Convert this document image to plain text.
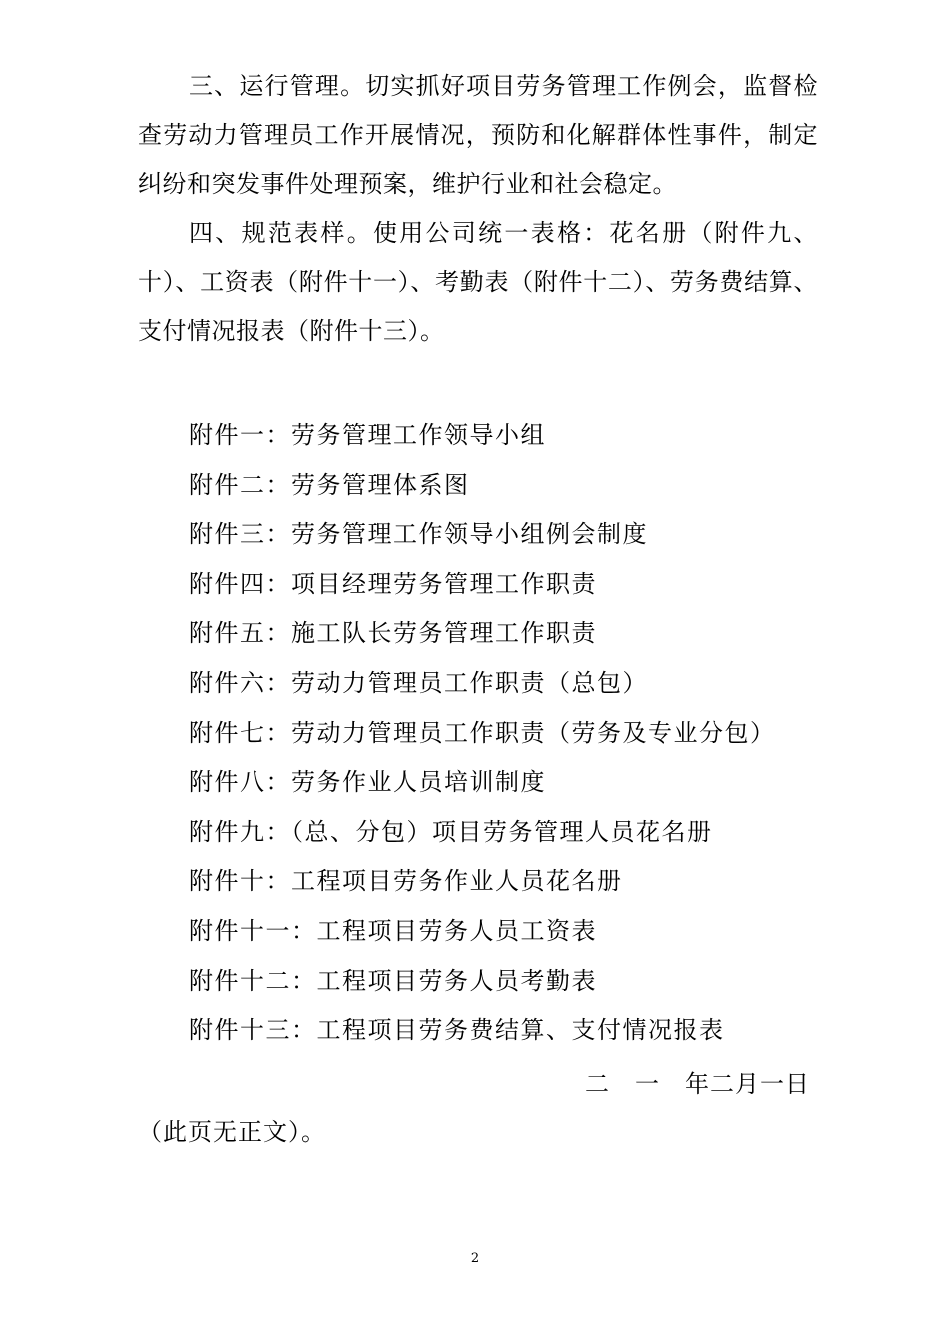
三、运行管理。切实抓好项目劳务管理工作例会，监督检查劳动力管理员工作开展情况，预防和化解群体性事件，制定纠纷和突发事件处理预案，维护行业和社会稳定。

四、规范表样。使用公司统一表格：花名册（附件九、十）、工资表（附件十一）、考勤表（附件十二）、劳务费结算、支付情况报表（附件十三）。

附件一：劳务管理工作领导小组
附件二：劳务管理体系图
附件三：劳务管理工作领导小组例会制度
附件四：项目经理劳务管理工作职责
附件五：施工队长劳务管理工作职责
附件六：劳动力管理员工作职责（总包）
附件七：劳动力管理员工作职责（劳务及专业分包）
附件八：劳务作业人员培训制度
附件九：（总、分包）项目劳务管理人员花名册
附件十：工程项目劳务作业人员花名册
附件十一：工程项目劳务人员工资表
附件十二：工程项目劳务人员考勤表
附件十三：工程项目劳务费结算、支付情况报表
二　一　年二月一日
（此页无正文）。
2
